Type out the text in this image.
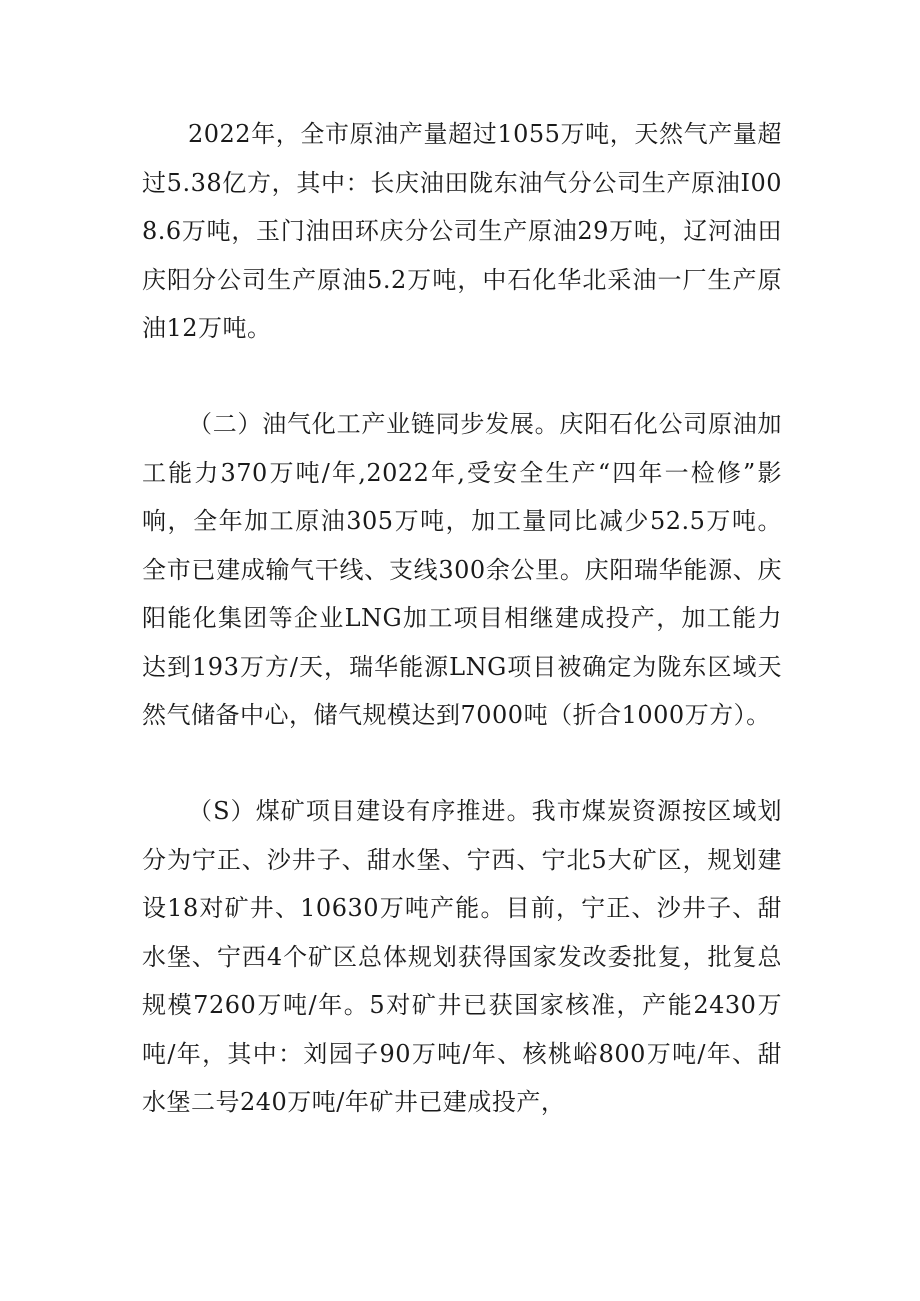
2022年，全市原油产量超过1055万吨，天然气产量超过5.38亿方，其中：长庆油田陇东油气分公司生产原油I008.6万吨，玉门油田环庆分公司生产原油29万吨，辽河油田庆阳分公司生产原油5.2万吨，中石化华北采油一厂生产原油12万吨。

（二）油气化工产业链同步发展。庆阳石化公司原油加工能力370万吨/年,2022年,受安全生产“四年一检修”影响，全年加工原油305万吨，加工量同比减少52.5万吨。全市已建成输气干线、支线300余公里。庆阳瑞华能源、庆阳能化集团等企业LNG加工项目相继建成投产，加工能力达到193万方/天，瑞华能源LNG项目被确定为陇东区域天然气储备中心，储气规模达到7000吨（折合1000万方）。

（S）煤矿项目建设有序推进。我市煤炭资源按区域划分为宁正、沙井子、甜水堡、宁西、宁北5大矿区，规划建设18对矿井、10630万吨产能。目前，宁正、沙井子、甜水堡、宁西4个矿区总体规划获得国家发改委批复，批复总规模7260万吨/年。5对矿井已获国家核准，产能2430万吨/年，其中：刘园子90万吨/年、核桃峪800万吨/年、甜水堡二号240万吨/年矿井已建成投产，
